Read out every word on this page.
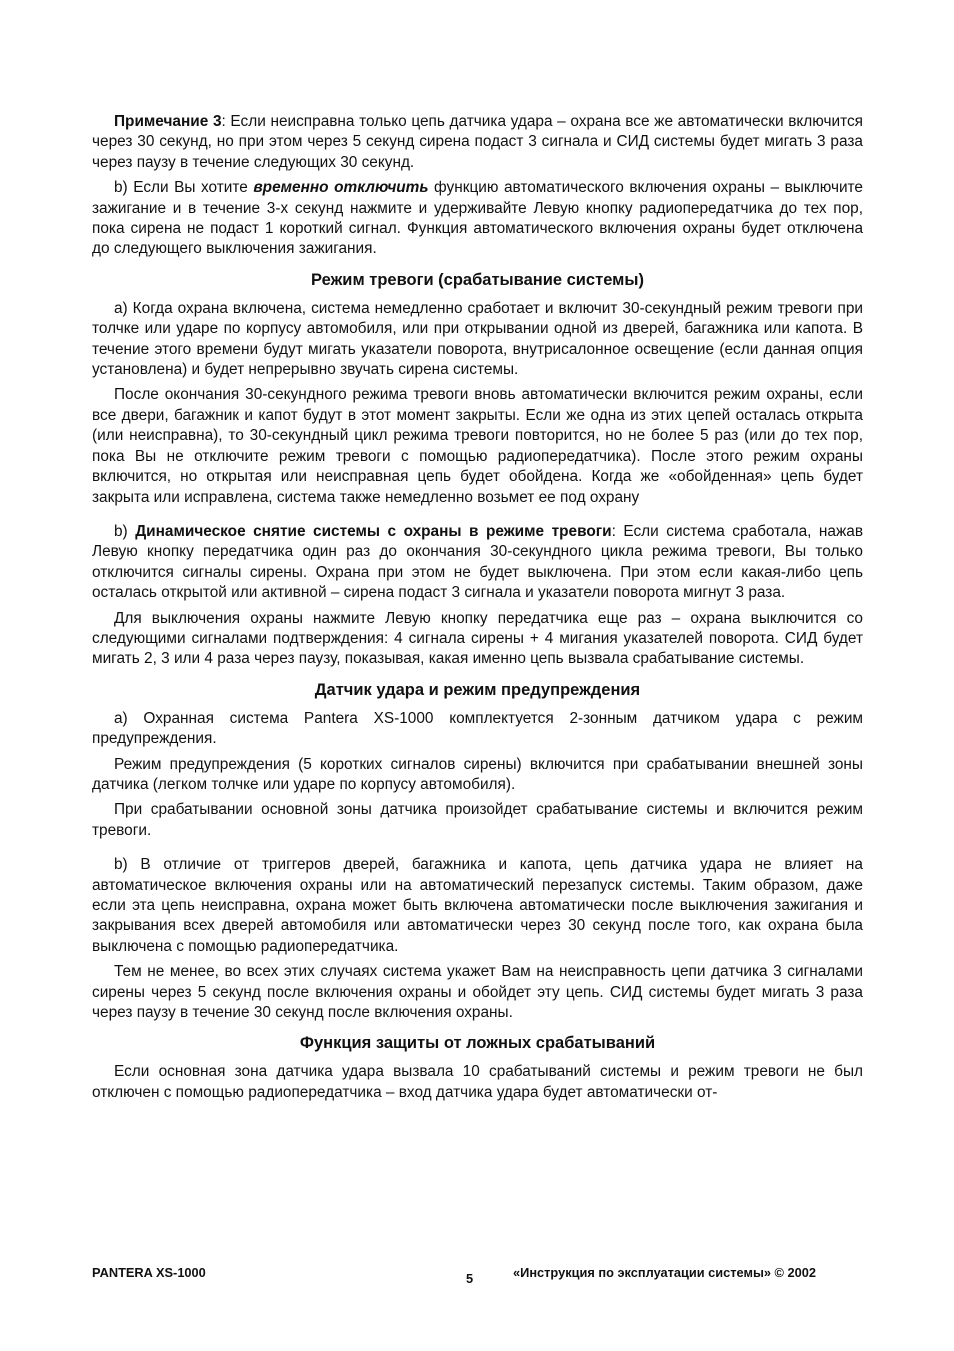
Примечание 3: Если неисправна только цепь датчика удара – охрана все же автоматически включится через 30 секунд, но при этом через 5 секунд сирена подаст 3 сигнала и СИД системы будет мигать 3 раза через паузу в течение следующих 30 секунд.

b) Если Вы хотите временно отключить функцию автоматического включения охраны – выключите зажигание и в течение 3-х секунд нажмите и удерживайте Левую кнопку радиопередатчика до тех пор, пока сирена не подаст 1 короткий сигнал. Функция автоматического включения охраны будет отключена до следующего выключения зажигания.

Режим тревоги (срабатывание системы)

а) Когда охрана включена, система немедленно сработает и включит 30-секундный режим тревоги при толчке или ударе по корпусу автомобиля, или при открывании одной из дверей, багажника или капота. В течение этого времени будут мигать указатели поворота, внутрисалонное освещение (если данная опция установлена) и будет непрерывно звучать сирена системы.

После окончания 30-секундного режима тревоги вновь автоматически включится режим охраны, если все двери, багажник и капот будут в этот момент закрыты. Если же одна из этих цепей осталась открыта (или неисправна), то 30-секундный цикл режима тревоги повторится, но не более 5 раз (или до тех пор, пока Вы не отключите режим тревоги с помощью радиопередатчика). После этого режим охраны включится, но открытая или неисправная цепь будет обойдена. Когда же «обойденная» цепь будет закрыта или исправлена, система также немедленно возьмет ее под охрану

b) Динамическое снятие системы с охраны в режиме тревоги: Если система сработала, нажав Левую кнопку передатчика один раз до окончания 30-секундного цикла режима тревоги, Вы только отключится сигналы сирены. Охрана при этом не будет выключена. При этом если какая-либо цепь осталась открытой или активной – сирена подаст 3 сигнала и указатели поворота мигнут 3 раза.

Для выключения охраны нажмите Левую кнопку передатчика еще раз – охрана выключится со следующими сигналами подтверждения: 4 сигнала сирены + 4 мигания указателей поворота. СИД будет мигать 2, 3 или 4 раза через паузу, показывая, какая именно цепь вызвала срабатывание системы.

Датчик удара и режим предупреждения

а) Охранная система Pantera XS-1000 комплектуется 2-зонным датчиком удара с режим предупреждения.

Режим предупреждения (5 коротких сигналов сирены) включится при срабатывании внешней зоны датчика (легком толчке или ударе по корпусу автомобиля).

При срабатывании основной зоны датчика произойдет срабатывание системы и включится режим тревоги.

b) В отличие от триггеров дверей, багажника и капота, цепь датчика удара не влияет на автоматическое включения охраны или на автоматический перезапуск системы. Таким образом, даже если эта цепь неисправна, охрана может быть включена автоматически после выключения зажигания и закрывания всех дверей автомобиля или автоматически через 30 секунд после того, как охрана была выключена с помощью радиопередатчика.

Тем не менее, во всех этих случаях система укажет Вам на неисправность цепи датчика 3 сигналами сирены через 5 секунд после включения охраны и обойдет эту цепь. СИД системы будет мигать 3 раза через паузу в течение 30 секунд после включения охраны.

Функция защиты от ложных срабатываний

Если основная зона датчика удара вызвала 10 срабатываний системы и режим тревоги не был отключен с помощью радиопередатчика – вход датчика удара будет автоматически от-

PANTERA XS-1000	5	«Инструкция по эксплуатации системы» © 2002
